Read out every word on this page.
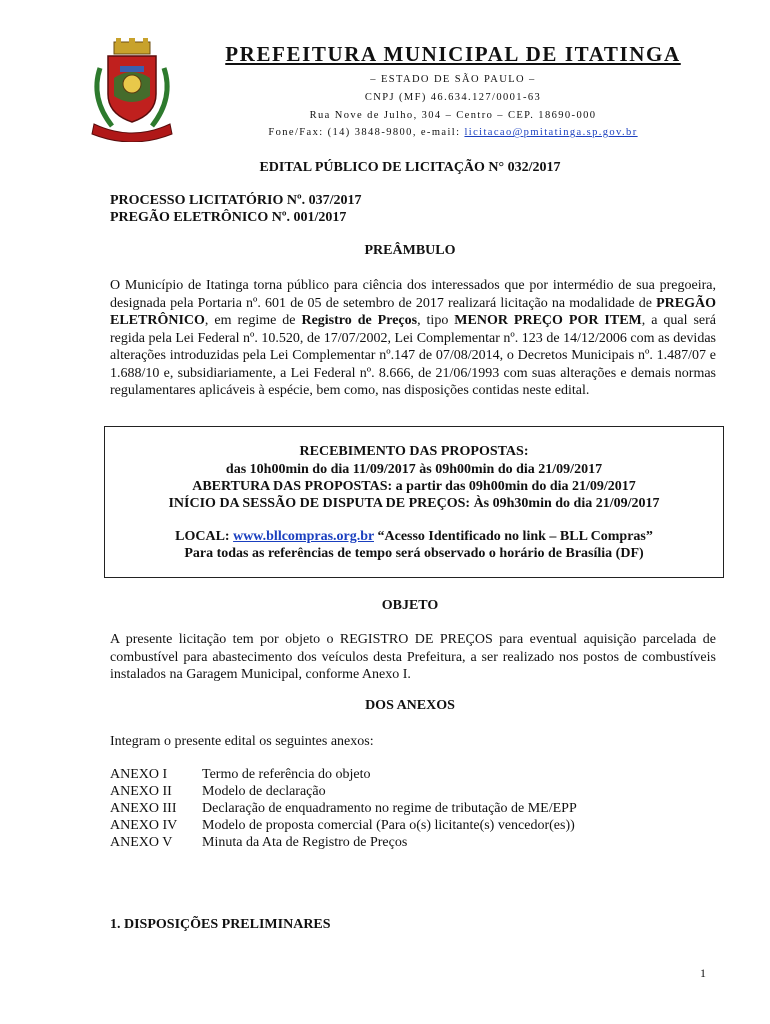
PREFEITURA MUNICIPAL DE ITATINGA
– ESTADO DE SÃO PAULO –
CNPJ (MF) 46.634.127/0001-63
Rua Nove de Julho, 304 – Centro – CEP. 18690-000
Fone/Fax: (14) 3848-9800, e-mail: licitacao@pmitatinga.sp.gov.br
EDITAL PÚBLICO DE LICITAÇÃO N° 032/2017
PROCESSO LICITATÓRIO Nº. 037/2017
PREGÃO ELETRÔNICO Nº. 001/2017
PREÂMBULO
O Município de Itatinga torna público para ciência dos interessados que por intermédio de sua pregoeira, designada pela Portaria nº. 601 de 05 de setembro de 2017 realizará licitação na modalidade de PREGÃO ELETRÔNICO, em regime de Registro de Preços, tipo MENOR PREÇO POR ITEM, a qual será regida pela Lei Federal nº. 10.520, de 17/07/2002, Lei Complementar nº. 123 de 14/12/2006 com as devidas alterações introduzidas pela Lei Complementar nº.147 de 07/08/2014, o Decretos Municipais nº. 1.487/07 e 1.688/10 e, subsidiariamente, a Lei Federal nº. 8.666, de 21/06/1993 com suas alterações e demais normas regulamentares aplicáveis à espécie, bem como, nas disposições contidas neste edital.
RECEBIMENTO DAS PROPOSTAS:
das 10h00min do dia 11/09/2017 às 09h00min do dia 21/09/2017
ABERTURA DAS PROPOSTAS: a partir das 09h00min do dia 21/09/2017
INÍCIO DA SESSÃO DE DISPUTA DE PREÇOS: Às 09h30min do dia 21/09/2017
LOCAL: www.bllcompras.org.br “Acesso Identificado no link – BLL Compras”
Para todas as referências de tempo será observado o horário de Brasília (DF)
OBJETO
A presente licitação tem por objeto o REGISTRO DE PREÇOS para eventual aquisição parcelada de combustível para abastecimento dos veículos desta Prefeitura, a ser realizado nos postos de combustíveis instalados na Garagem Municipal, conforme Anexo I.
DOS ANEXOS
Integram o presente edital os seguintes anexos:
ANEXO I	Termo de referência do objeto
ANEXO II	Modelo de declaração
ANEXO III	Declaração de enquadramento no regime de tributação de ME/EPP
ANEXO IV	Modelo de proposta comercial (Para o(s) licitante(s) vencedor(es))
ANEXO V	Minuta da Ata de Registro de Preços
1. DISPOSIÇÕES PRELIMINARES
1
